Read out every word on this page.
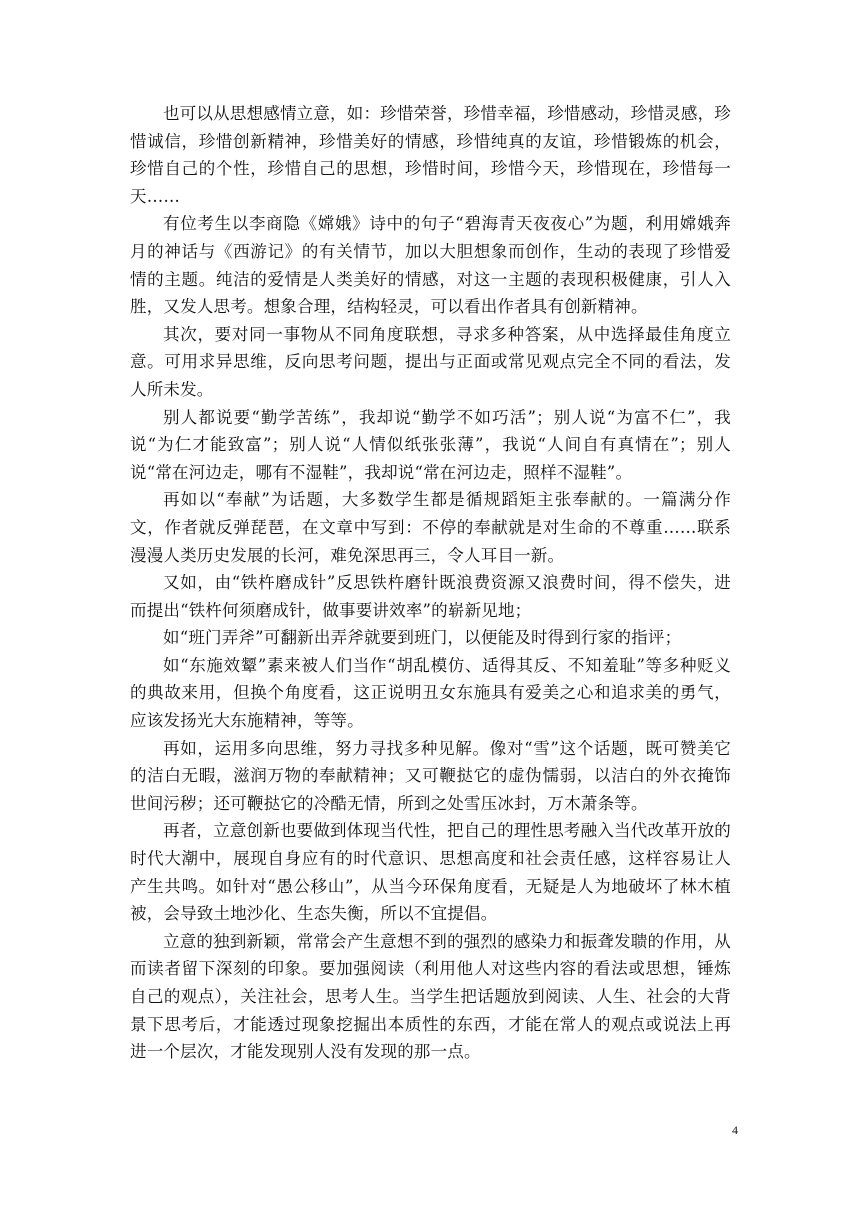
也可以从思想感情立意，如：珍惜荣誉，珍惜幸福，珍惜感动，珍惜灵感，珍惜诚信，珍惜创新精神，珍惜美好的情感，珍惜纯真的友谊，珍惜锻炼的机会，珍惜自己的个性，珍惜自己的思想，珍惜时间，珍惜今天，珍惜现在，珍惜每一天……

有位考生以李商隐《嫦娥》诗中的句子“碧海青天夜夜心”为题，利用嫦娥奔月的神话与《西游记》的有关情节，加以大胆想象而创作，生动的表现了珍惜爱情的主题。纯洁的爱情是人类美好的情感，对这一主题的表现积极健康，引人入胜，又发人思考。想象合理，结构轻灵，可以看出作者具有创新精神。

其次，要对同一事物从不同角度联想，寻求多种答案，从中选择最佳角度立意。可用求异思维，反向思考问题，提出与正面或常见观点完全不同的看法，发人所未发。

别人都说要“勤学苦练”，我却说“勤学不如巧活”；别人说“为富不仁”，我说“为仁才能致富”；别人说“人情似纸张张薄”，我说“人间自有真情在”；别人说“常在河边走，哪有不湿鞋”，我却说“常在河边走，照样不湿鞋”。

再如以“奉献”为话题，大多数学生都是循规蹈矩主张奉献的。一篇满分作文，作者就反弹琵琶，在文章中写到：不停的奉献就是对生命的不尊重……联系漫漫人类历史发展的长河，难免深思再三，令人耳目一新。

又如，由“铁杵磨成针”反思铁杵磨针既浪费资源又浪费时间，得不偿失，进而提出“铁杵何须磨成针，做事要讲效率”的崭新见地；

如“班门弄斧”可翻新出弄斧就要到班门，以便能及时得到行家的指评；

如“东施效颦”素来被人们当作“胡乱模仿、适得其反、不知羞耻”等多种贬义的典故来用，但换个角度看，这正说明丑女东施具有爱美之心和追求美的勇气，应该发扬光大东施精神，等等。

再如，运用多向思维，努力寻找多种见解。像对“雪”这个话题，既可赞美它的洁白无暇，滋润万物的奉献精神；又可鞭挞它的虚伪懦弱，以洁白的外衣掩饰世间污秽；还可鞭挞它的冷酷无情，所到之处雪压冰封，万木萧条等。

再者，立意创新也要做到体现当代性，把自己的理性思考融入当代改革开放的时代大潮中，展现自身应有的时代意识、思想高度和社会责任感，这样容易让人产生共鸣。如针对“愚公移山”，从当今环保角度看，无疑是人为地破坏了林木植被，会导致土地沙化、生态失衡，所以不宜提倡。

立意的独到新颖，常常会产生意想不到的强烈的感染力和振聋发聩的作用，从而读者留下深刻的印象。要加强阅读（利用他人对这些内容的看法或思想，锤炼自己的观点），关注社会，思考人生。当学生把话题放到阅读、人生、社会的大背景下思考后，才能透过现象挖掘出本质性的东西，才能在常人的观点或说法上再进一个层次，才能发现别人没有发现的那一点。

4
